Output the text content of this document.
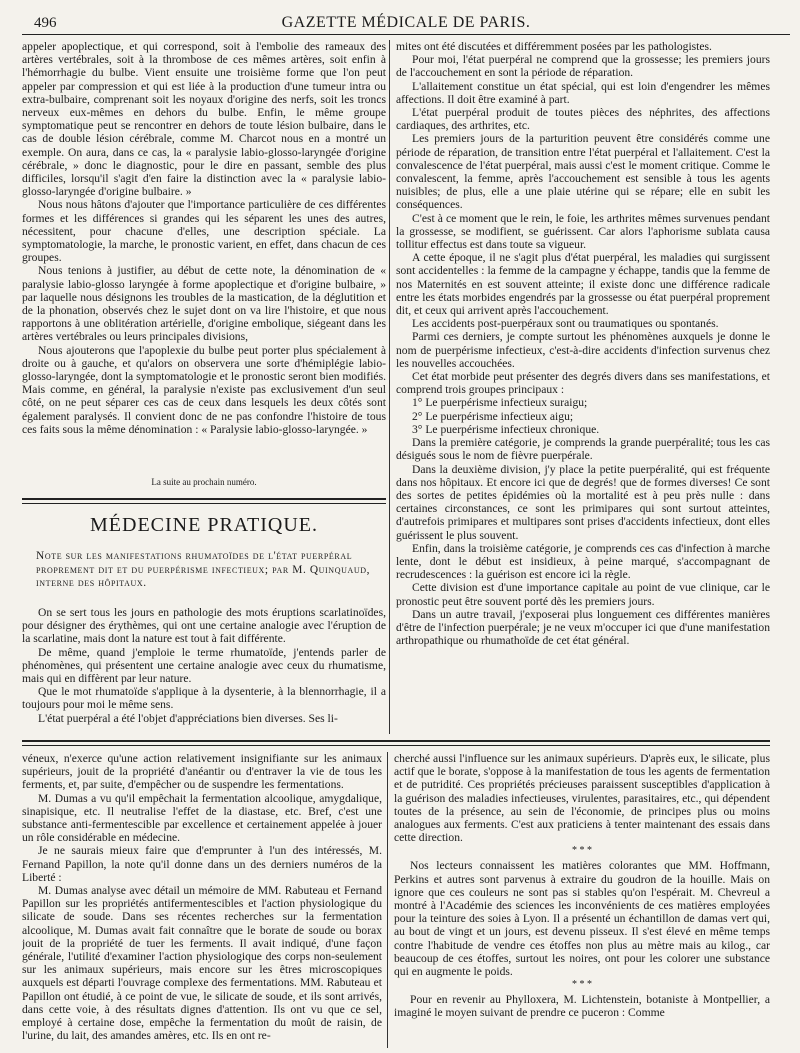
496	GAZETTE MÉDICALE DE PARIS.

appeler apoplectique, et qui correspond, soit à l'embolie des rameaux des artères vertébrales, soit à la thrombose de ces mêmes artères, soit enfin à l'hémorrhagie du bulbe. Vient ensuite une troisième forme que l'on peut appeler par compression et qui est liée à la production d'une tumeur intra ou extra-bulbaire, comprenant soit les noyaux d'origine des nerfs, soit les troncs nerveux eux-mêmes en dehors du bulbe. Enfin, le même groupe symptomatique peut se rencontrer en dehors de toute lésion bulbaire, dans le cas de double lésion cérébrale, comme M. Charcot nous en a montré un exemple. On aura, dans ce cas, la « paralysie labio-glosso-laryngée d'origine cérébrale, » donc le diagnostic, pour le dire en passant, semble des plus difficiles, lorsqu'il s'agit d'en faire la distinction avec la « paralysie labio-glosso-laryngée d'origine bulbaire. »

Nous nous hâtons d'ajouter que l'importance particulière de ces différentes formes et les différences si grandes qui les séparent les unes des autres, nécessitent, pour chacune d'elles, une description spéciale. La symptomatologie, la marche, le pronostic varient, en effet, dans chacun de ces groupes.

Nous tenions à justifier, au début de cette note, la dénomination de « paralysie labio-glosso laryngée à forme apoplectique et d'origine bulbaire, » par laquelle nous désignons les troubles de la mastication, de la déglutition et de la phonation, observés chez le sujet dont on va lire l'histoire, et que nous rapportons à une oblitération artérielle, d'origine embolique, siégeant dans les artères vertébrales ou leurs principales divisions,

Nous ajouterons que l'apoplexie du bulbe peut porter plus spécialement à droite ou à gauche, et qu'alors on observera une sorte d'hémiplégie labio-glosso-laryngée, dont la symptomatologie et le pronostic seront bien modifiés. Mais comme, en général, la paralysie n'existe pas exclusivement d'un seul côté, on ne peut séparer ces cas de ceux dans lesquels les deux côtés sont également paralysés. Il convient donc de ne pas confondre l'histoire de tous ces faits sous la même dénomination : « Paralysie labio-glosso-laryngée. »

La suite au prochain numéro.
MÉDECINE PRATIQUE.
Note sur les manifestations rhumatoïdes de l'état puerpéral proprement dit et du puerpérisme infectieux; par M. Quinquaud, interne des hôpitaux.

On se sert tous les jours en pathologie des mots éruptions scarlatinoïdes, pour désigner des érythèmes, qui ont une certaine analogie avec l'éruption de la scarlatine, mais dont la nature est tout à fait différente.

De même, quand j'emploie le terme rhumatoïde, j'entends parler de phénomènes, qui présentent une certaine analogie avec ceux du rhumatisme, mais qui en diffèrent par leur nature.

Que le mot rhumatoïde s'applique à la dysenterie, à la blennorrhagie, il a toujours pour moi le même sens.

L'état puerpéral a été l'objet d'appréciations bien diverses. Ses li-

mites ont été discutées et différemment posées par les pathologistes.

Pour moi, l'état puerpéral ne comprend que la grossesse; les premiers jours de l'accouchement en sont la période de réparation.

L'allaitement constitue un état spécial, qui est loin d'engendrer les mêmes affections. Il doit être examiné à part.

L'état puerpéral produit de toutes pièces des néphrites, des affections cardiaques, des arthrites, etc.

Les premiers jours de la parturition peuvent être considérés comme une période de réparation, de transition entre l'état puerpéral et l'allaitement. C'est la convalescence de l'état puerpéral, mais aussi c'est le moment critique. Comme le convalescent, la femme, après l'accouchement est sensible à tous les agents nuisibles; de plus, elle a une plaie utérine qui se répare; elle en subit les conséquences.

C'est à ce moment que le rein, le foie, les arthrites mêmes survenues pendant la grossesse, se modifient, se guérissent. Car alors l'aphorisme sublata causa tollitur effectus est dans toute sa vigueur.

A cette époque, il ne s'agit plus d'état puerpéral, les maladies qui surgissent sont accidentelles : la femme de la campagne y échappe, tandis que la femme de nos Maternités en est souvent atteinte; il existe donc une différence radicale entre les états morbides engendrés par la grossesse ou état puerpéral proprement dit, et ceux qui arrivent après l'accouchement.

Les accidents post-puerpéraux sont ou traumatiques ou spontanés.

Parmi ces derniers, je compte surtout les phénomènes auxquels je donne le nom de puerpérisme infectieux, c'est-à-dire accidents d'infection survenus chez les nouvelles accouchées.

Cet état morbide peut présenter des degrés divers dans ses manifestations, et comprend trois groupes principaux :

1° Le puerpérisme infectieux suraigu;

2° Le puerpérisme infectieux aigu;

3° Le puerpérisme infectieux chronique.

Dans la première catégorie, je comprends la grande puerpéralité; tous les cas désigués sous le nom de fièvre puerpérale.

Dans la deuxième division, j'y place la petite puerpéralité, qui est fréquente dans nos hôpitaux. Et encore ici que de degrés! que de formes diverses! Ce sont des sortes de petites épidémies où la mortalité est à peu près nulle : dans certaines circonstances, ce sont les primipares qui sont surtout atteintes, d'autrefois primipares et multipares sont prises d'accidents infectieux, dont elles guérissent le plus souvent.

Enfin, dans la troisième catégorie, je comprends ces cas d'infection à marche lente, dont le début est insidieux, à peine marqué, s'accompagnant de recrudescences : la guérison est encore ici la règle.

Cette division est d'une importance capitale au point de vue clinique, car le pronostic peut être souvent porté dès les premiers jours.

Dans un autre travail, j'exposerai plus longuement ces différentes manières d'être de l'infection puerpérale; je ne veux m'occuper ici que d'une manifestation arthropathique ou rhumathoïde de cet état général.

véneux, n'exerce qu'une action relativement insignifiante sur les animaux supérieurs, jouit de la propriété d'anéantir ou d'entraver la vie de tous les ferments, et, par suite, d'empêcher ou de suspendre les fermentations.

M. Dumas a vu qu'il empêchait la fermentation alcoolique, amygdalique, sinapisique, etc. Il neutralise l'effet de la diastase, etc. Bref, c'est une substance anti-fermentescible par excellence et certainement appelée à jouer un rôle considérable en médecine.

Je ne saurais mieux faire que d'emprunter à l'un des intéressés, M. Fernand Papillon, la note qu'il donne dans un des derniers numéros de la Liberté :

M. Dumas analyse avec détail un mémoire de MM. Rabuteau et Fernand Papillon sur les propriétés antifermentescibles et l'action physiologique du silicate de soude. Dans ses récentes recherches sur la fermentation alcoolique, M. Dumas avait fait connaître que le borate de soude ou borax jouit de la propriété de tuer les ferments. Il avait indiqué, d'une façon générale, l'utilité d'examiner l'action physiologique des corps non-seulement sur les animaux supérieurs, mais encore sur les êtres microscopiques auxquels est départi l'ouvrage complexe des fermentations. MM. Rabuteau et Papillon ont étudié, à ce point de vue, le silicate de soude, et ils sont arrivés, dans cette voie, à des résultats dignes d'attention. Ils ont vu que ce sel, employé à certaine dose, empêche la fermentation du moût de raisin, de l'urine, du lait, des amandes amères, etc. Ils en ont re-

cherché aussi l'influence sur les animaux supérieurs. D'après eux, le silicate, plus actif que le borate, s'oppose à la manifestation de tous les agents de fermentation et de putridité. Ces propriétés précieuses paraissent susceptibles d'application à la guérison des maladies infectieuses, virulentes, parasitaires, etc., qui dépendent toutes de la présence, au sein de l'économie, de principes plus ou moins analogues aux ferments. C'est aux praticiens à tenter maintenant des essais dans cette direction.

* * *

Nos lecteurs connaissent les matières colorantes que MM. Hoffmann, Perkins et autres sont parvenus à extraire du goudron de la houille. Mais on ignore que ces couleurs ne sont pas si stables qu'on l'espérait. M. Chevreul a montré à l'Académie des sciences les inconvénients de ces matières employées pour la teinture des soies à Lyon. Il a présenté un échantillon de damas vert qui, au bout de vingt et un jours, est devenu pisseux. Il s'est élevé en même temps contre l'habitude de vendre ces étoffes non plus au mètre mais au kilog., car beaucoup de ces étoffes, surtout les noires, ont pour les colorer une substance qui en augmente le poids.

* * *

Pour en revenir au Phylloxera, M. Lichtenstein, botaniste à Montpellier, a imaginé le moyen suivant de prendre ce puceron : Comme
